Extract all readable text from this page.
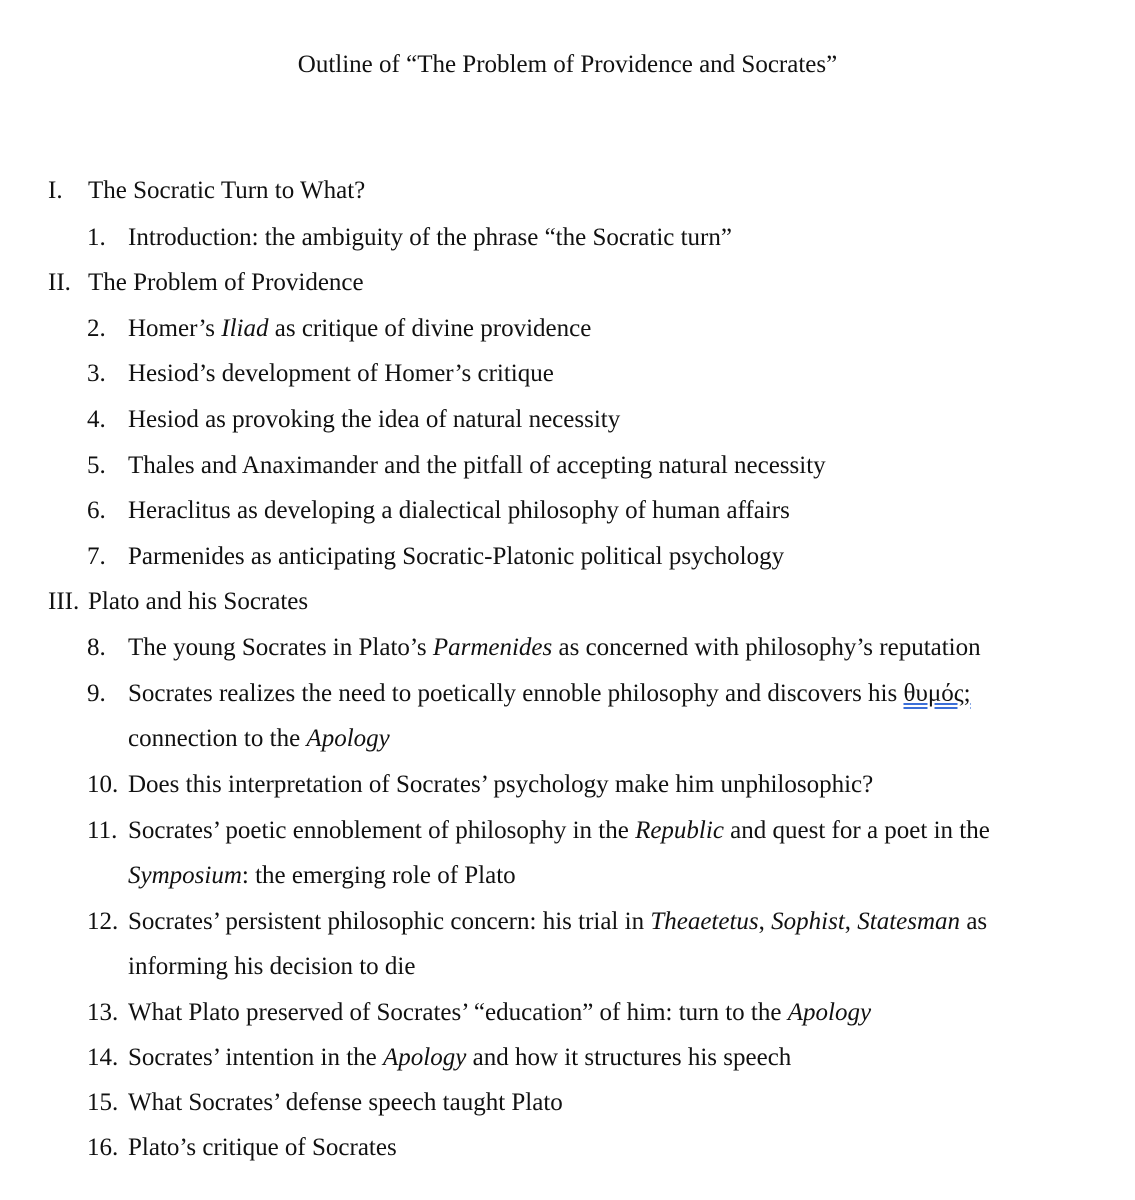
Outline of “The Problem of Providence and Socrates”
I. The Socratic Turn to What?
1. Introduction: the ambiguity of the phrase “the Socratic turn”
II. The Problem of Providence
2. Homer’s Iliad as critique of divine providence
3. Hesiod’s development of Homer’s critique
4. Hesiod as provoking the idea of natural necessity
5. Thales and Anaximander and the pitfall of accepting natural necessity
6. Heraclitus as developing a dialectical philosophy of human affairs
7. Parmenides as anticipating Socratic-Platonic political psychology
III. Plato and his Socrates
8. The young Socrates in Plato’s Parmenides as concerned with philosophy’s reputation
9. Socrates realizes the need to poetically ennoble philosophy and discovers his θυμός;
connection to the Apology
10. Does this interpretation of Socrates’ psychology make him unphilosophic?
11. Socrates’ poetic ennoblement of philosophy in the Republic and quest for a poet in the
Symposium: the emerging role of Plato
12. Socrates’ persistent philosophic concern: his trial in Theaetetus, Sophist, Statesman as
informing his decision to die
13. What Plato preserved of Socrates’ “education” of him: turn to the Apology
14. Socrates’ intention in the Apology and how it structures his speech
15. What Socrates’ defense speech taught Plato
16. Plato’s critique of Socrates
